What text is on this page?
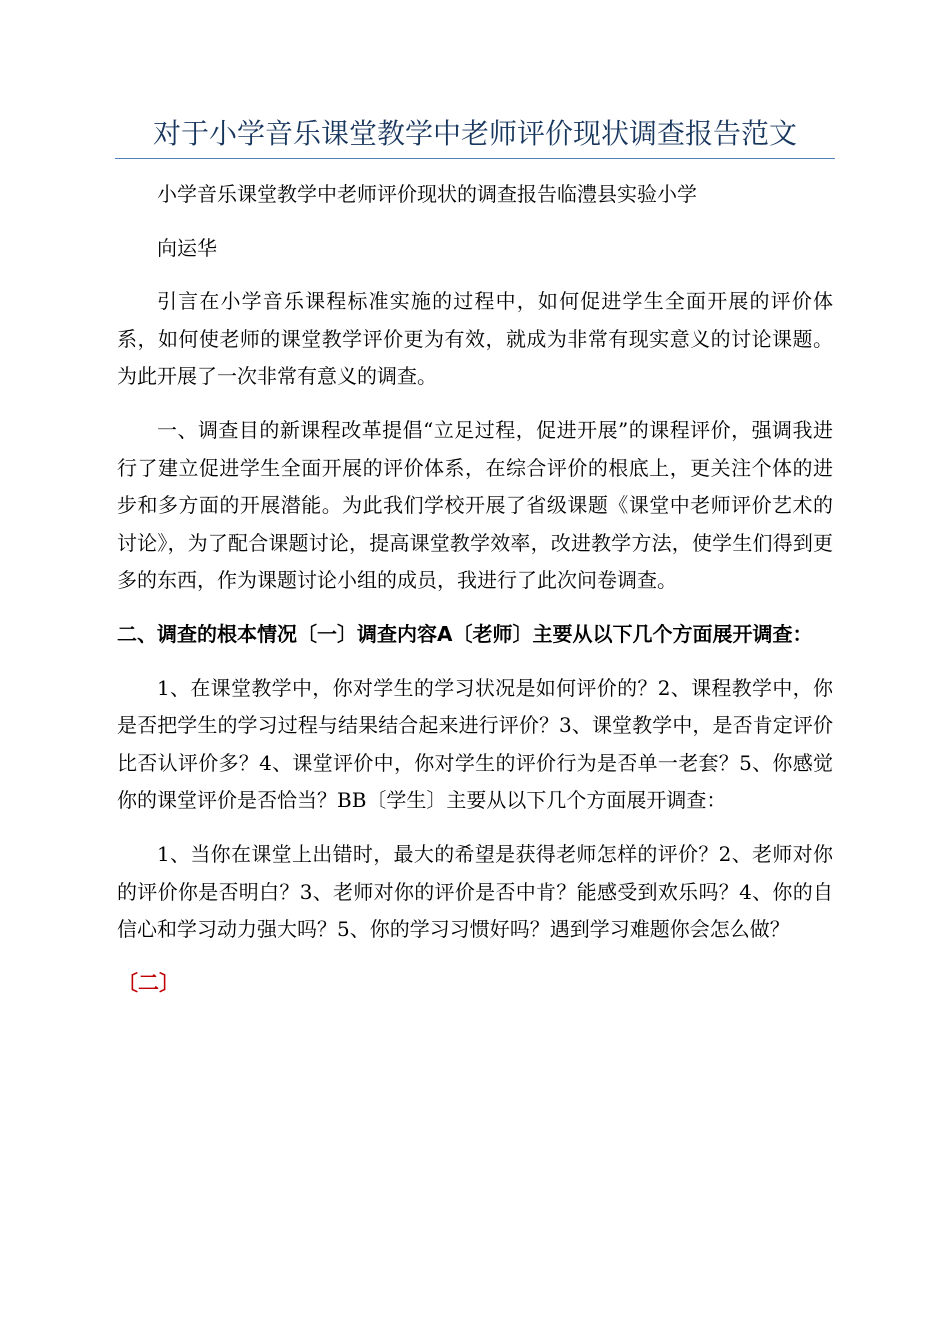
对于小学音乐课堂教学中老师评价现状调查报告范文

小学音乐课堂教学中老师评价现状的调查报告临澧县实验小学

向运华

引言在小学音乐课程标准实施的过程中，如何促进学生全面开展的评价体系，如何使老师的课堂教学评价更为有效，就成为非常有现实意义的讨论课题。为此开展了一次非常有意义的调查。

一、调查目的新课程改革提倡“立足过程，促进开展”的课程评价，强调我进行了建立促进学生全面开展的评价体系，在综合评价的根底上，更关注个体的进步和多方面的开展潜能。为此我们学校开展了省级课题《课堂中老师评价艺术的讨论》，为了配合课题讨论，提高课堂教学效率，改进教学方法，使学生们得到更多的东西，作为课题讨论小组的成员，我进行了此次问卷调查。

二、调查的根本情况〔一〕调查内容A〔老师〕主要从以下几个方面展开调查：

1、在课堂教学中，你对学生的学习状况是如何评价的？2、课程教学中，你是否把学生的学习过程与结果结合起来进行评价？3、课堂教学中，是否肯定评价比否认评价多？4、课堂评价中，你对学生的评价行为是否单一老套？5、你感觉你的课堂评价是否恰当？BB〔学生〕主要从以下几个方面展开调查：

1、当你在课堂上出错时，最大的希望是获得老师怎样的评价？2、老师对你的评价你是否明白？3、老师对你的评价是否中肯？能感受到欢乐吗？4、你的自信心和学习动力强大吗？5、你的学习习惯好吗？遇到学习难题你会怎么做？

〔二〕
